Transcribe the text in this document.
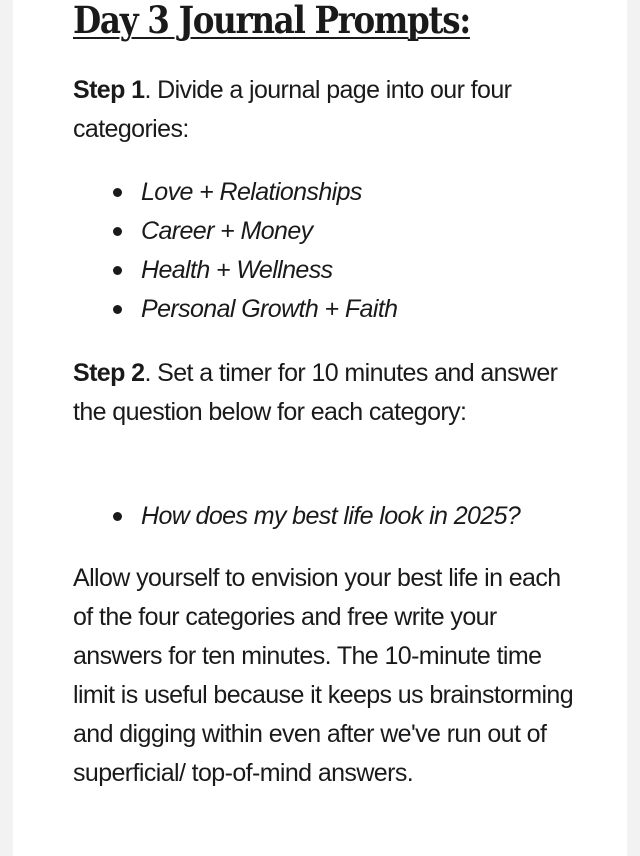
Day 3 Journal Prompts:

Step 1. Divide a journal page into our four categories:

Love + Relationships
Career + Money
Health + Wellness
Personal Growth + Faith

Step 2. Set a timer for 10 minutes and answer the question below for each category:

How does my best life look in 2025?

Allow yourself to envision your best life in each of the four categories and free write your answers for ten minutes. The 10-minute time limit is useful because it keeps us brainstorming and digging within even after we've run out of superficial/ top-of-mind answers.
